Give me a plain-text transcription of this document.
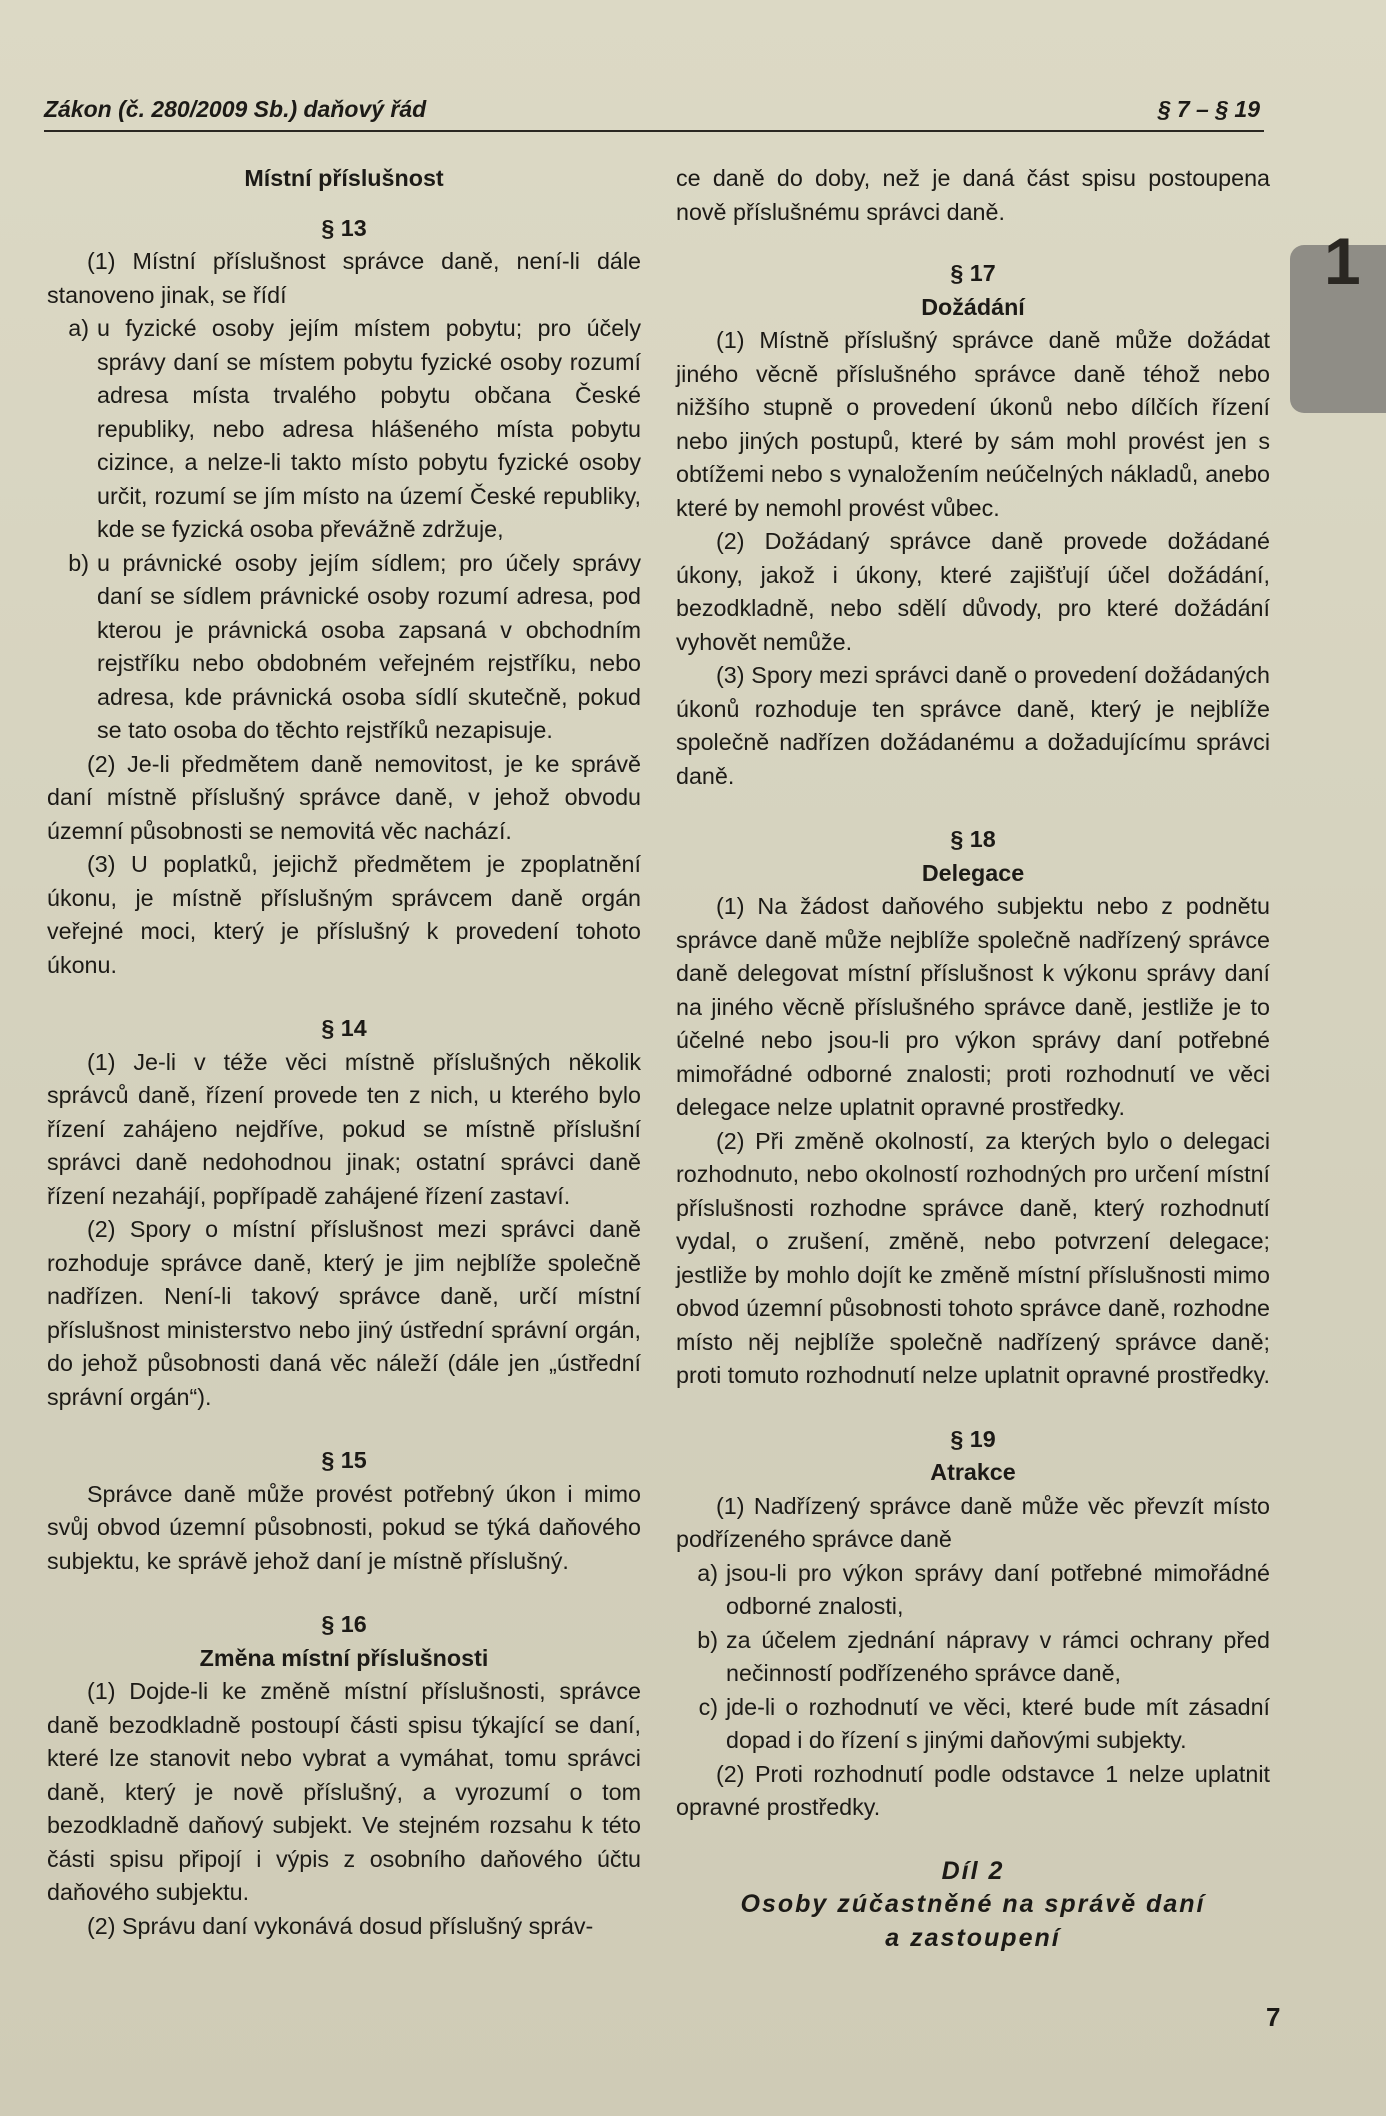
Zákon (č. 280/2009 Sb.) daňový řád	§ 7 – § 19
1

Místní příslušnost

§ 13

(1) Místní příslušnost správce daně, není-li dále stanoveno jinak, se řídí

a) u fyzické osoby jejím místem pobytu; pro účely správy daní se místem pobytu fyzické osoby rozumí adresa místa trvalého pobytu občana České republiky, nebo adresa hlášeného místa pobytu cizince, a nelze-li takto místo pobytu fyzické osoby určit, rozumí se jím místo na území České republiky, kde se fyzická osoba převážně zdržuje,
b) u právnické osoby jejím sídlem; pro účely správy daní se sídlem právnické osoby rozumí adresa, pod kterou je právnická osoba zapsaná v obchodním rejstříku nebo obdobném veřejném rejstříku, nebo adresa, kde právnická osoba sídlí skutečně, pokud se tato osoba do těchto rejstříků nezapisuje.

(2) Je-li předmětem daně nemovitost, je ke správě daní místně příslušný správce daně, v jehož obvodu územní působnosti se nemovitá věc nachází.

(3) U poplatků, jejichž předmětem je zpoplatnění úkonu, je místně příslušným správcem daně orgán veřejné moci, který je příslušný k provedení tohoto úkonu.

§ 14

(1) Je-li v téže věci místně příslušných několik správců daně, řízení provede ten z nich, u kterého bylo řízení zahájeno nejdříve, pokud se místně příslušní správci daně nedohodnou jinak; ostatní správci daně řízení nezahájí, popřípadě zahájené řízení zastaví.

(2) Spory o místní příslušnost mezi správci daně rozhoduje správce daně, který je jim nejblíže společně nadřízen. Není-li takový správce daně, určí místní příslušnost ministerstvo nebo jiný ústřední správní orgán, do jehož působnosti daná věc náleží (dále jen „ústřední správní orgán“).

§ 15

Správce daně může provést potřebný úkon i mimo svůj obvod územní působnosti, pokud se týká daňového subjektu, ke správě jehož daní je místně příslušný.

§ 16

Změna místní příslušnosti

(1) Dojde-li ke změně místní příslušnosti, správce daně bezodkladně postoupí části spisu týkající se daní, které lze stanovit nebo vybrat a vymáhat, tomu správci daně, který je nově příslušný, a vyrozumí o tom bezodkladně daňový subjekt. Ve stejném rozsahu k této části spisu připojí i výpis z osobního daňového účtu daňového subjektu.

(2) Správu daní vykonává dosud příslušný správ-

ce daně do doby, než je daná část spisu postoupena nově příslušnému správci daně.

§ 17

Dožádání

(1) Místně příslušný správce daně může dožádat jiného věcně příslušného správce daně téhož nebo nižšího stupně o provedení úkonů nebo dílčích řízení nebo jiných postupů, které by sám mohl provést jen s obtížemi nebo s vynaložením neúčelných nákladů, anebo které by nemohl provést vůbec.

(2) Dožádaný správce daně provede dožádané úkony, jakož i úkony, které zajišťují účel dožádání, bezodkladně, nebo sdělí důvody, pro které dožádání vyhovět nemůže.

(3) Spory mezi správci daně o provedení dožádaných úkonů rozhoduje ten správce daně, který je nejblíže společně nadřízen dožádanému a dožadujícímu správci daně.

§ 18

Delegace

(1) Na žádost daňového subjektu nebo z podnětu správce daně může nejblíže společně nadřízený správce daně delegovat místní příslušnost k výkonu správy daní na jiného věcně příslušného správce daně, jestliže je to účelné nebo jsou-li pro výkon správy daní potřebné mimořádné odborné znalosti; proti rozhodnutí ve věci delegace nelze uplatnit opravné prostředky.

(2) Při změně okolností, za kterých bylo o delegaci rozhodnuto, nebo okolností rozhodných pro určení místní příslušnosti rozhodne správce daně, který rozhodnutí vydal, o zrušení, změně, nebo potvrzení delegace; jestliže by mohlo dojít ke změně místní příslušnosti mimo obvod územní působnosti tohoto správce daně, rozhodne místo něj nejblíže společně nadřízený správce daně; proti tomuto rozhodnutí nelze uplatnit opravné prostředky.

§ 19

Atrakce

(1) Nadřízený správce daně může věc převzít místo podřízeného správce daně

a) jsou-li pro výkon správy daní potřebné mimořádné odborné znalosti,
b) za účelem zjednání nápravy v rámci ochrany před nečinností podřízeného správce daně,
c) jde-li o rozhodnutí ve věci, které bude mít zásadní dopad i do řízení s jinými daňovými subjekty.

(2) Proti rozhodnutí podle odstavce 1 nelze uplatnit opravné prostředky.

Díl 2

Osoby zúčastněné na správě daní

a zastoupení

7
